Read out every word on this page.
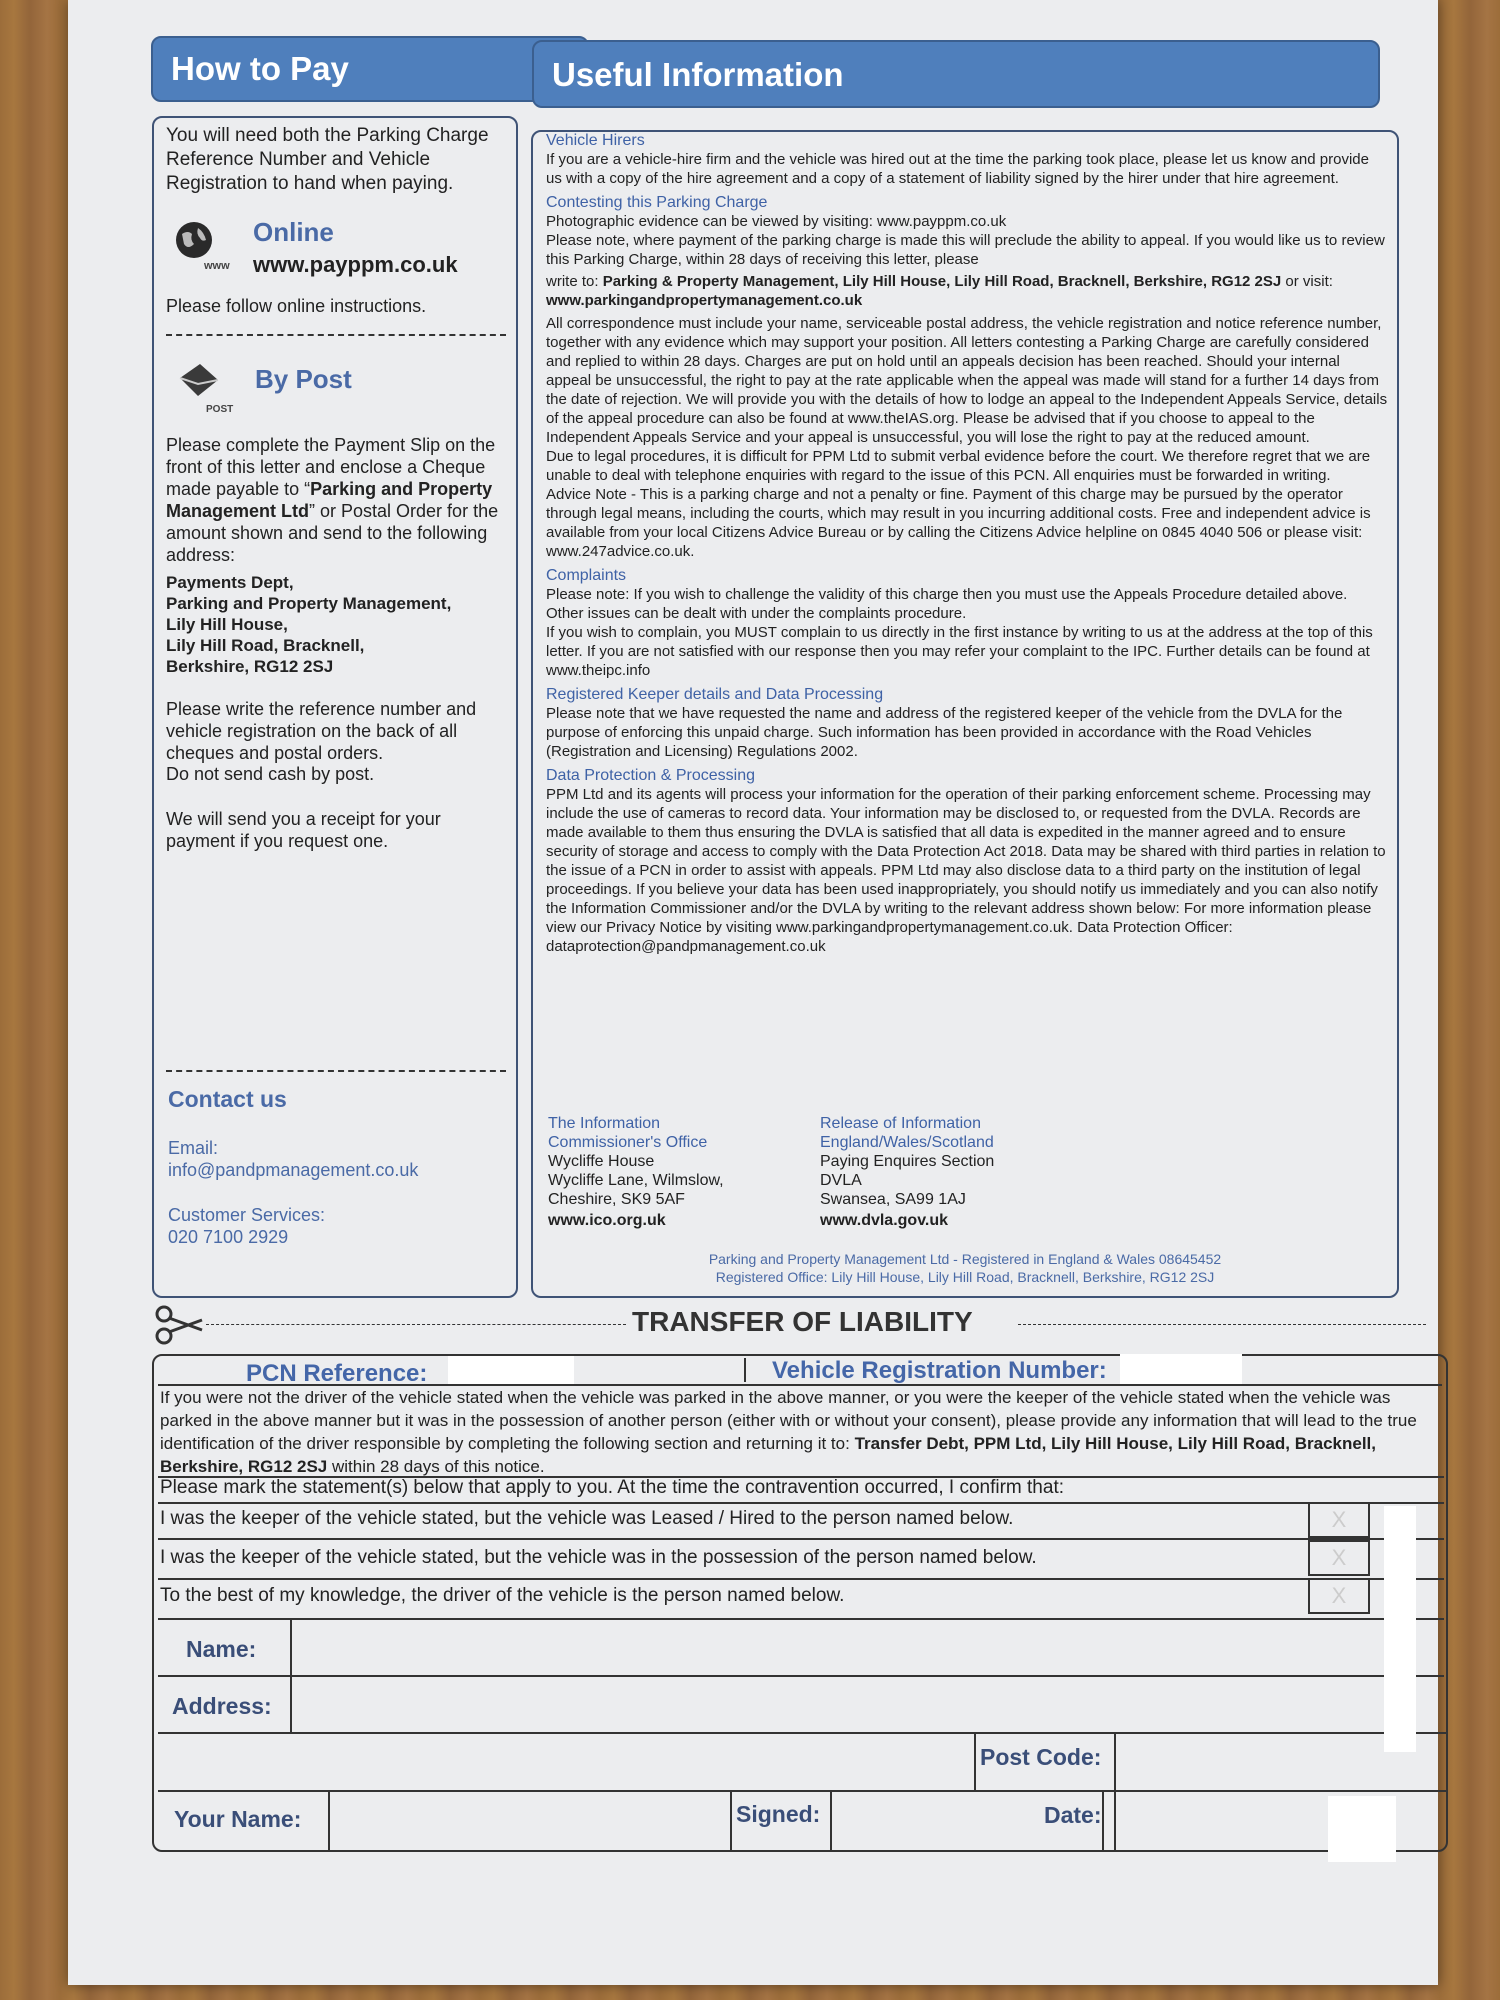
How to Pay
You will need both the Parking Charge Reference Number and Vehicle Registration to hand when paying.
www
Online
www.payppm.co.uk
Please follow online instructions.
POST
By Post
Please complete the Payment Slip on the front of this letter and enclose a Cheque made payable to “Parking and Property Management Ltd” or Postal Order for the amount shown and send to the following address:
Payments Dept,
Parking and Property Management,
Lily Hill House,
Lily Hill Road, Bracknell,
Berkshire, RG12 2SJ
Please write the reference number and vehicle registration on the back of all cheques and postal orders.
Do not send cash by post.
We will send you a receipt for your payment if you request one.
Contact us
Email:
info@pandpmanagement.co.uk
Customer Services:
020 7100 2929
Useful Information
Vehicle Hirers

If you are a vehicle-hire firm and the vehicle was hired out at the time the parking took place, please let us know and provide us with a copy of the hire agreement and a copy of a statement of liability signed by the hirer under that hire agreement.

Contesting this Parking Charge

Photographic evidence can be viewed by visiting: www.payppm.co.uk

Please note, where payment of the parking charge is made this will preclude the ability to appeal. If you would like us to review this Parking Charge, within 28 days of receiving this letter, please

write to: Parking & Property Management, Lily Hill House, Lily Hill Road, Bracknell, Berkshire, RG12 2SJ or visit: www.parkingandpropertymanagement.co.uk

All correspondence must include your name, serviceable postal address, the vehicle registration and notice reference number, together with any evidence which may support your position. All letters contesting a Parking Charge are carefully considered and replied to within 28 days. Charges are put on hold until an appeals decision has been reached. Should your internal appeal be unsuccessful, the right to pay at the rate applicable when the appeal was made will stand for a further 14 days from the date of rejection. We will provide you with the details of how to lodge an appeal to the Independent Appeals Service, details of the appeal procedure can also be found at www.theIAS.org. Please be advised that if you choose to appeal to the Independent Appeals Service and your appeal is unsuccessful, you will lose the right to pay at the reduced amount.

Due to legal procedures, it is difficult for PPM Ltd to submit verbal evidence before the court. We therefore regret that we are unable to deal with telephone enquiries with regard to the issue of this PCN. All enquiries must be forwarded in writing.

Advice Note - This is a parking charge and not a penalty or fine. Payment of this charge may be pursued by the operator through legal means, including the courts, which may result in you incurring additional costs. Free and independent advice is available from your local Citizens Advice Bureau or by calling the Citizens Advice helpline on 0845 4040 506 or please visit: www.247advice.co.uk.

Complaints

Please note: If you wish to challenge the validity of this charge then you must use the Appeals Procedure detailed above. Other issues can be dealt with under the complaints procedure.

If you wish to complain, you MUST complain to us directly in the first instance by writing to us at the address at the top of this letter. If you are not satisfied with our response then you may refer your complaint to the IPC. Further details can be found at www.theipc.info

Registered Keeper details and Data Processing

Please note that we have requested the name and address of the registered keeper of the vehicle from the DVLA for the purpose of enforcing this unpaid charge. Such information has been provided in accordance with the Road Vehicles (Registration and Licensing) Regulations 2002.

Data Protection & Processing

PPM Ltd and its agents will process your information for the operation of their parking enforcement scheme. Processing may include the use of cameras to record data. Your information may be disclosed to, or requested from the DVLA. Records are made available to them thus ensuring the DVLA is satisfied that all data is expedited in the manner agreed and to ensure security of storage and access to comply with the Data Protection Act 2018. Data may be shared with third parties in relation to the issue of a PCN in order to assist with appeals. PPM Ltd may also disclose data to a third party on the institution of legal proceedings. If you believe your data has been used inappropriately, you should notify us immediately and you can also notify the Information Commissioner and/or the DVLA by writing to the relevant address shown below: For more information please view our Privacy Notice by visiting www.parkingandpropertymanagement.co.uk. Data Protection Officer: dataprotection@pandpmanagement.co.uk

The Information
Commissioner's Office
Wycliffe House
Wycliffe Lane, Wilmslow,
Cheshire, SK9 5AF
www.ico.org.uk
Release of Information
England/Wales/Scotland
Paying Enquires Section
DVLA
Swansea, SA99 1AJ
www.dvla.gov.uk
Parking and Property Management Ltd - Registered in England & Wales 08645452
Registered Office: Lily Hill House, Lily Hill Road, Bracknell, Berkshire, RG12 2SJ
TRANSFER OF LIABILITY
PCN Reference:	Vehicle Registration Number:
If you were not the driver of the vehicle stated when the vehicle was parked in the above manner, or you were the keeper of the vehicle stated when the vehicle was parked in the above manner but it was in the possession of another person (either with or without your consent), please provide any information that will lead to the true identification of the driver responsible by completing the following section and returning it to: Transfer Debt, PPM Ltd, Lily Hill House, Lily Hill Road, Bracknell, Berkshire, RG12 2SJ within 28 days of this notice.
Please mark the statement(s) below that apply to you. At the time the contravention occurred, I confirm that:
I was the keeper of the vehicle stated, but the vehicle was Leased / Hired to the person named below.	X
I was the keeper of the vehicle stated, but the vehicle was in the possession of the person named below.	X
To the best of my knowledge, the driver of the vehicle is the person named below.	X
Name:
Address:
Post Code:
Your Name:	Signed:	Date:
